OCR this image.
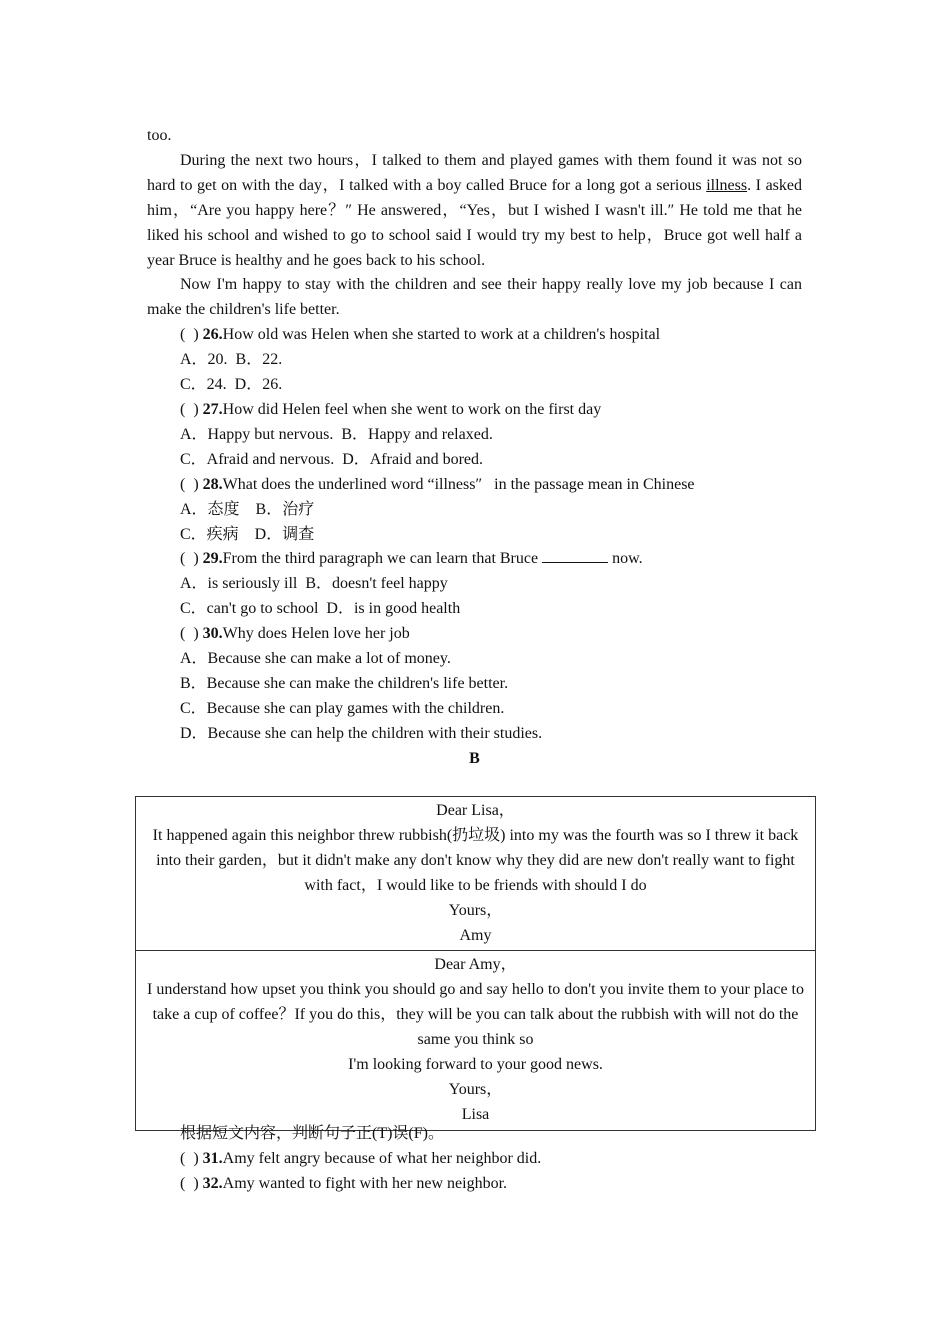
too.

During the next two hours，I talked to them and played games with them found it was not so hard to get on with the day，I talked with a boy called Bruce for a long got a serious illness. I asked him，“Are you happy here？″ He answered，“Yes，but I wished I wasn't ill.″ He told me that he liked his school and wished to go to school said I would try my best to help，Bruce got well half a year Bruce is healthy and he goes back to his school.

Now I'm happy to stay with the children and see their happy really love my job because I can make the children's life better.

(  ) 26.How old was Helen when she started to work at a children's hospital

A．20.  B．22.

C．24.  D．26.

(  ) 27.How did Helen feel when she went to work on the first day

A．Happy but nervous.  B．Happy and relaxed.

C．Afraid and nervous.  D．Afraid and bored.

(  ) 28.What does the underlined word “illness″   in the passage mean in Chinese

A．态度    B．治疗

C．疾病    D．调查

(  ) 29.From the third paragraph we can learn that Bruce	now.

A．is seriously ill  B．doesn't feel happy

C．can't go to school  D．is in good health

(  ) 30.Why does Helen love her job

A．Because she can make a lot of money.

B．Because she can make the children's life better.

C．Because she can play games with the children.

D．Because she can help the children with their studies.

B

Dear Lisa，

It happened again this neighbor threw rubbish(扔垃圾) into my was the fourth was so I threw it back into their garden，but it didn't make any don't know why they did are new don't really want to fight with fact，I would like to be friends with should I do

Yours，

Amy

Dear Amy，

I understand how upset you think you should go and say hello to don't you invite them to your place to take a cup of coffee？If you do this，they will be you can talk about the rubbish with will not do the same you think so

I'm looking forward to your good news.

Yours，

Lisa

根据短文内容，判断句子正(T)误(F)。

(  ) 31.Amy felt angry because of what her neighbor did.

(  ) 32.Amy wanted to fight with her new neighbor.
